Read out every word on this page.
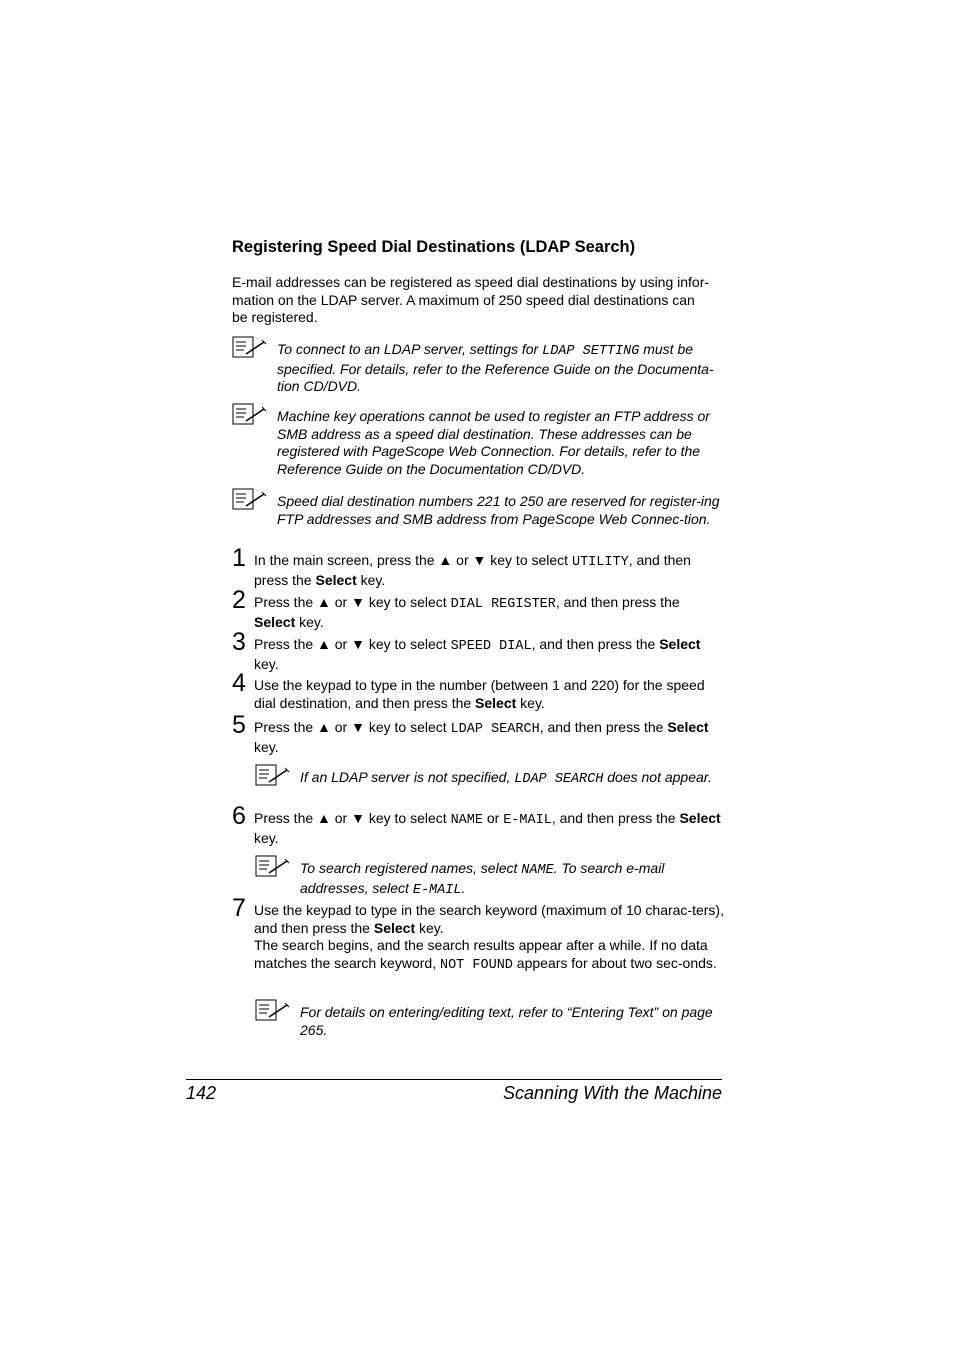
Registering Speed Dial Destinations (LDAP Search)

E-mail addresses can be registered as speed dial destinations by using infor-
mation on the LDAP server. A maximum of 250 speed dial destinations can
be registered.

To connect to an LDAP server, settings for LDAP SETTING must be specified. For details, refer to the Reference Guide on the Documenta-tion CD/DVD.

Machine key operations cannot be used to register an FTP address or SMB address as a speed dial destination. These addresses can be registered with PageScope Web Connection. For details, refer to the Reference Guide on the Documentation CD/DVD.

Speed dial destination numbers 221 to 250 are reserved for register-ing FTP addresses and SMB address from PageScope Web Connec-tion.

1 In the main screen, press the ▲ or ▼ key to select UTILITY, and then press the Select key.

2 Press the ▲ or ▼ key to select DIAL REGISTER, and then press the Select key.

3 Press the ▲ or ▼ key to select SPEED DIAL, and then press the Select key.

4 Use the keypad to type in the number (between 1 and 220) for the speed dial destination, and then press the Select key.

5 Press the ▲ or ▼ key to select LDAP SEARCH, and then press the Select key.

If an LDAP server is not specified, LDAP SEARCH does not appear.

6 Press the ▲ or ▼ key to select NAME or E-MAIL, and then press the Select key.

To search registered names, select NAME. To search e-mail addresses, select E-MAIL.

7 Use the keypad to type in the search keyword (maximum of 10 charac-ters), and then press the Select key.
The search begins, and the search results appear after a while. If no data matches the search keyword, NOT FOUND appears for about two sec-onds.

For details on entering/editing text, refer to “Entering Text” on page 265.

142	Scanning With the Machine
